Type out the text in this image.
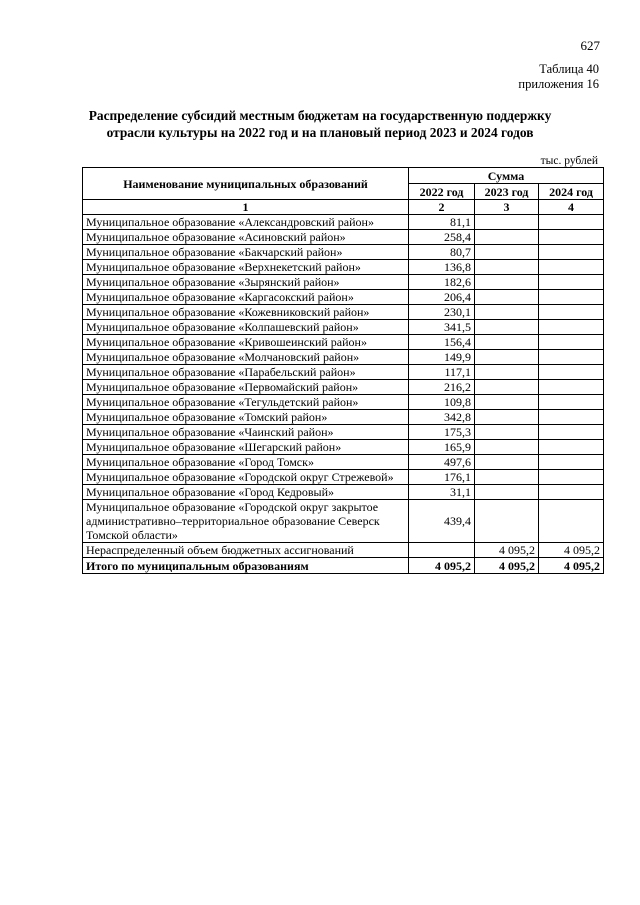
627
Таблица 40
приложения 16
Распределение субсидий местным бюджетам на государственную поддержку
отрасли культуры на 2022 год и на плановый период 2023 и 2024 годов
тыс. рублей
Наименование муниципальных образований	Сумма		
	2022 год	2023 год	2024 год
1	2	3	4
Муниципальное образование «Александровский район»	81,1		
Муниципальное образование «Асиновский район»	258,4		
Муниципальное образование «Бакчарский район»	80,7		
Муниципальное образование «Верхнекетский район»	136,8		
Муниципальное образование «Зырянский район»	182,6		
Муниципальное образование «Каргасокский район»	206,4		
Муниципальное образование «Кожевниковский район»	230,1		
Муниципальное образование «Колпашевский район»	341,5		
Муниципальное образование «Кривошеинский район»	156,4		
Муниципальное образование «Молчановский район»	149,9		
Муниципальное образование «Парабельский район»	117,1		
Муниципальное образование «Первомайский район»	216,2		
Муниципальное образование «Тегульдетский район»	109,8		
Муниципальное образование «Томский район»	342,8		
Муниципальное образование «Чаинский район»	175,3		
Муниципальное образование «Шегарский район»	165,9		
Муниципальное образование «Город Томск»	497,6		
Муниципальное образование «Городской округ Стрежевой»	176,1		
Муниципальное образование «Город Кедровый»	31,1		
Муниципальное образование «Городской округ закрытое административно–территориальное образование Северск Томской области»	439,4		
Нераспределенный объем бюджетных ассигнований		4 095,2	4 095,2
Итого по муниципальным образованиям	4 095,2	4 095,2	4 095,2
